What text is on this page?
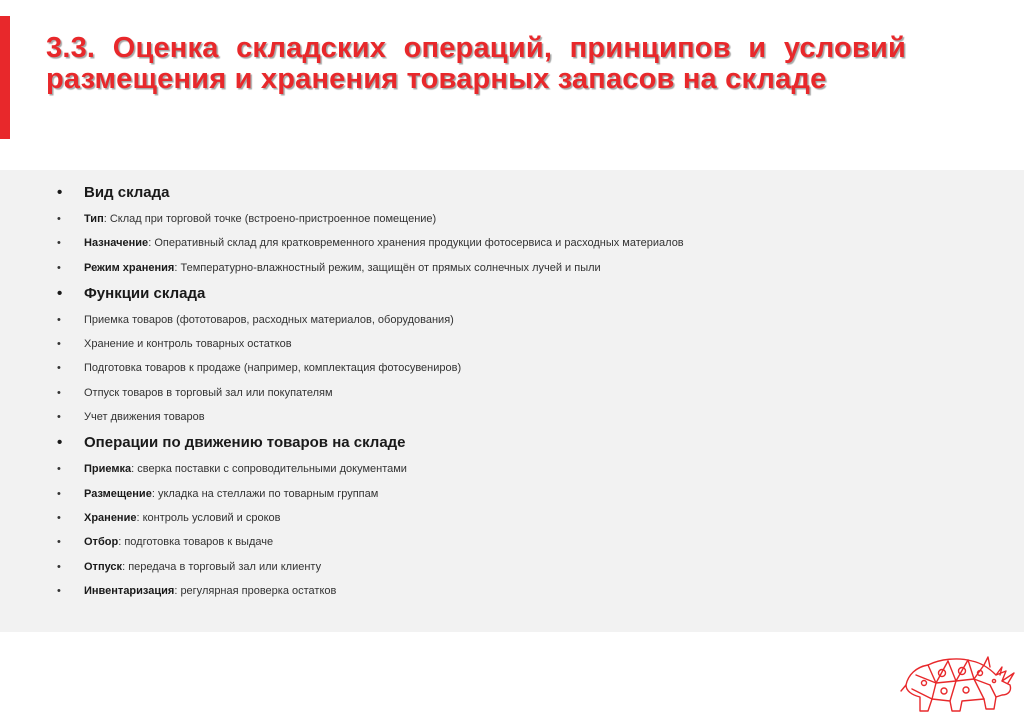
3.3. Оценка складских операций, принципов и условий размещения и хранения товарных запасов на складе
• Вид склада
• Тип: Склад при торговой точке (встроено-пристроенное помещение)
• Назначение: Оперативный склад для кратковременного хранения продукции фотосервиса и расходных материалов
• Режим хранения: Температурно-влажностный режим, защищён от прямых солнечных лучей и пыли
• Функции склада
• Приемка товаров (фототоваров, расходных материалов, оборудования)
• Хранение и контроль товарных остатков
• Подготовка товаров к продаже (например, комплектация фотосувениров)
• Отпуск товаров в торговый зал или покупателям
• Учет движения товаров
• Операции по движению товаров на складе
• Приемка: сверка поставки с сопроводительными документами
• Размещение: укладка на стеллажи по товарным группам
• Хранение: контроль условий и сроков
• Отбор: подготовка товаров к выдаче
• Отпуск: передача в торговый зал или клиенту
• Инвентаризация: регулярная проверка остатков
